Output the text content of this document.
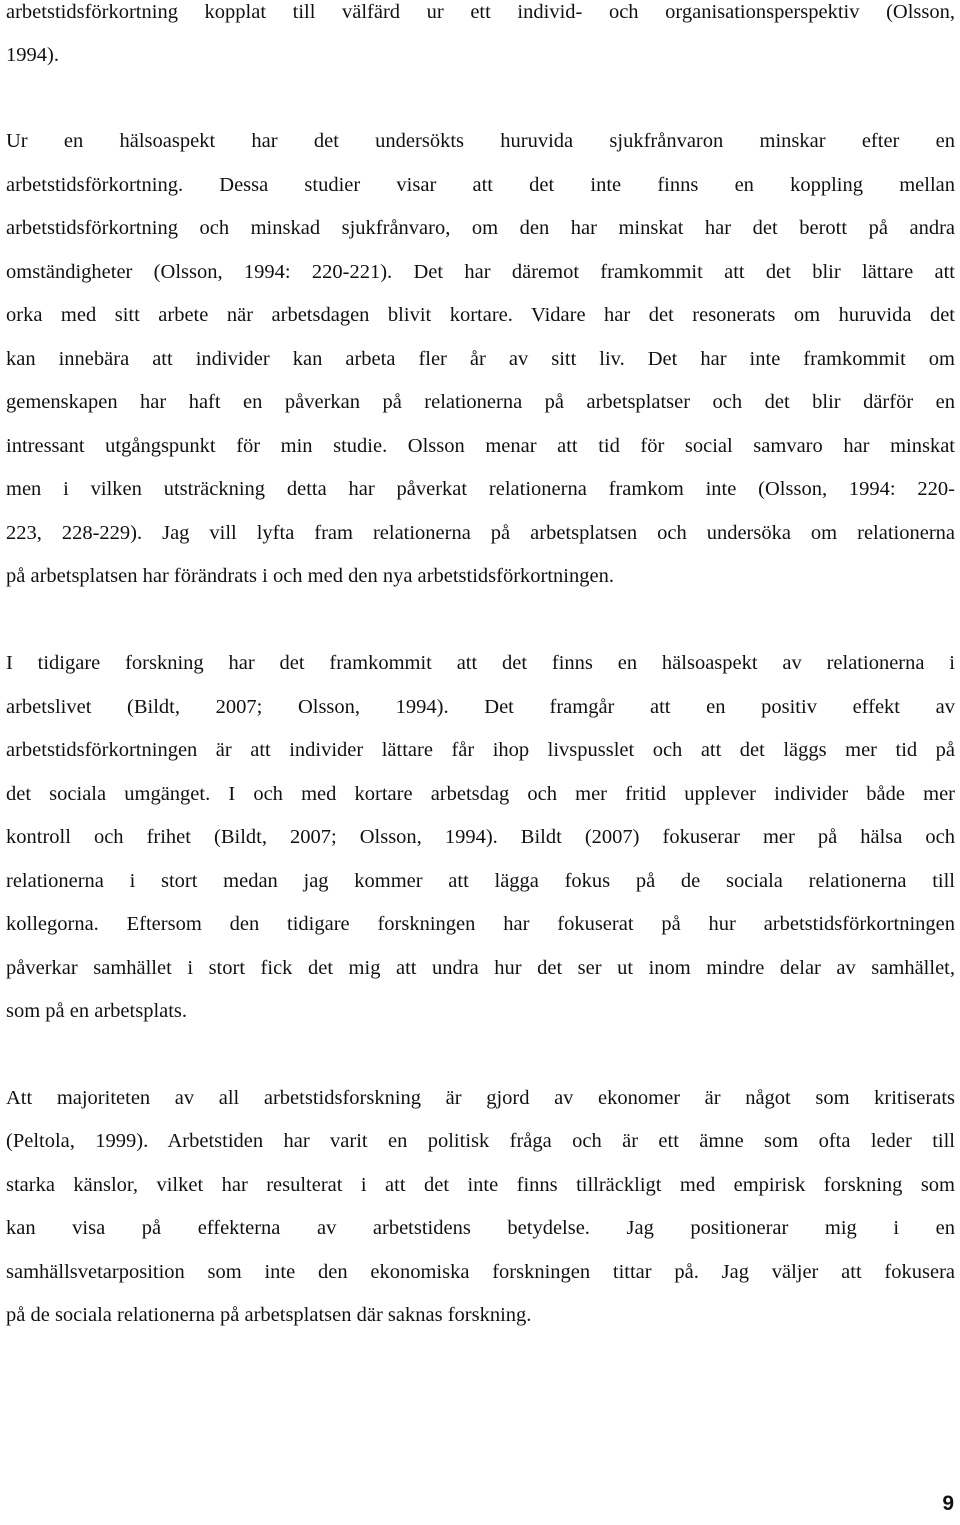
arbetstidsförkortning kopplat till välfärd ur ett individ- och organisationsperspektiv (Olsson,
1994).
Ur en hälsoaspekt har det undersökts huruvida sjukfrånvaron minskar efter en
arbetstidsförkortning. Dessa studier visar att det inte finns en koppling mellan
arbetstidsförkortning och minskad sjukfrånvaro, om den har minskat har det berott på andra
omständigheter (Olsson, 1994: 220-221). Det har däremot framkommit att det blir lättare att
orka med sitt arbete när arbetsdagen blivit kortare. Vidare har det resonerats om huruvida det
kan innebära att individer kan arbeta fler år av sitt liv. Det har inte framkommit om
gemenskapen har haft en påverkan på relationerna på arbetsplatser och det blir därför en
intressant utgångspunkt för min studie. Olsson menar att tid för social samvaro har minskat
men i vilken utsträckning detta har påverkat relationerna framkom inte (Olsson, 1994: 220-
223, 228-229). Jag vill lyfta fram relationerna på arbetsplatsen och undersöka om relationerna
på arbetsplatsen har förändrats i och med den nya arbetstidsförkortningen.
I tidigare forskning har det framkommit att det finns en hälsoaspekt av relationerna i
arbetslivet (Bildt, 2007; Olsson, 1994). Det framgår att en positiv effekt av
arbetstidsförkortningen är att individer lättare får ihop livspusslet och att det läggs mer tid på
det sociala umgänget. I och med kortare arbetsdag och mer fritid upplever individer både mer
kontroll och frihet (Bildt, 2007; Olsson, 1994). Bildt (2007) fokuserar mer på hälsa och
relationerna i stort medan jag kommer att lägga fokus på de sociala relationerna till
kollegorna. Eftersom den tidigare forskningen har fokuserat på hur arbetstidsförkortningen
påverkar samhället i stort fick det mig att undra hur det ser ut inom mindre delar av samhället,
som på en arbetsplats.
Att majoriteten av all arbetstidsforskning är gjord av ekonomer är något som kritiserats
(Peltola, 1999). Arbetstiden har varit en politisk fråga och är ett ämne som ofta leder till
starka känslor, vilket har resulterat i att det inte finns tillräckligt med empirisk forskning som
kan visa på effekterna av arbetstidens betydelse. Jag positionerar mig i en
samhällsvetarposition som inte den ekonomiska forskningen tittar på. Jag väljer att fokusera
på de sociala relationerna på arbetsplatsen där saknas forskning.
9
